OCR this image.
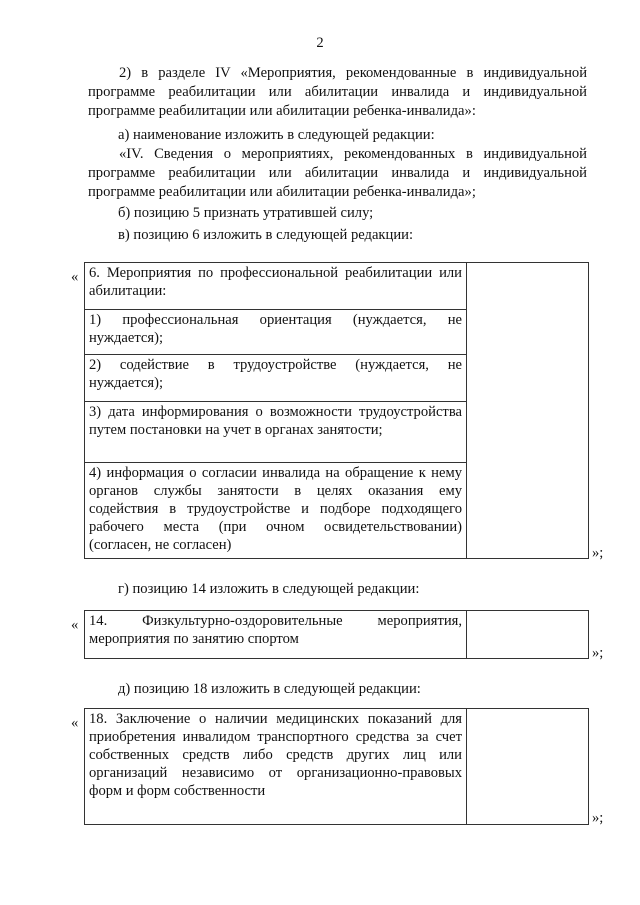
2

2) в разделе IV «Мероприятия, рекомендованные в индивидуальной программе реабилитации или абилитации инвалида и индивидуальной программе реабилитации или абилитации ребенка-инвалида»:

а) наименование изложить в следующей редакции:

«IV. Сведения о мероприятиях, рекомендованных в индивидуальной программе реабилитации или абилитации инвалида и индивидуальной программе реабилитации или абилитации ребенка-инвалида»;

б) позицию 5 признать утратившей силу;

в) позицию 6 изложить в следующей редакции:

« 6. Мероприятия по профессиональной реабилитации или абилитации:	
1) профессиональная ориентация (нуждается, не нуждается);
2) содействие в трудоустройстве (нуждается, не нуждается);
3) дата информирования о возможности трудоустройства путем постановки на учет в органах занятости;
4) информация о согласии инвалида на обращение к нему органов службы занятости в целях оказания ему содействия в трудоустройстве и подборе подходящего рабочего места (при очном освидетельствовании) (согласен, не согласен)	»;

г) позицию 14 изложить в следующей редакции:

« 14. Физкультурно-оздоровительные мероприятия, мероприятия по занятию спортом	
»;

д) позицию 18 изложить в следующей редакции:

« 18. Заключение о наличии медицинских показаний для приобретения инвалидом транспортного средства за счет собственных средств либо средств других лиц или организаций независимо от организационно-правовых форм и форм собственности	
»;
